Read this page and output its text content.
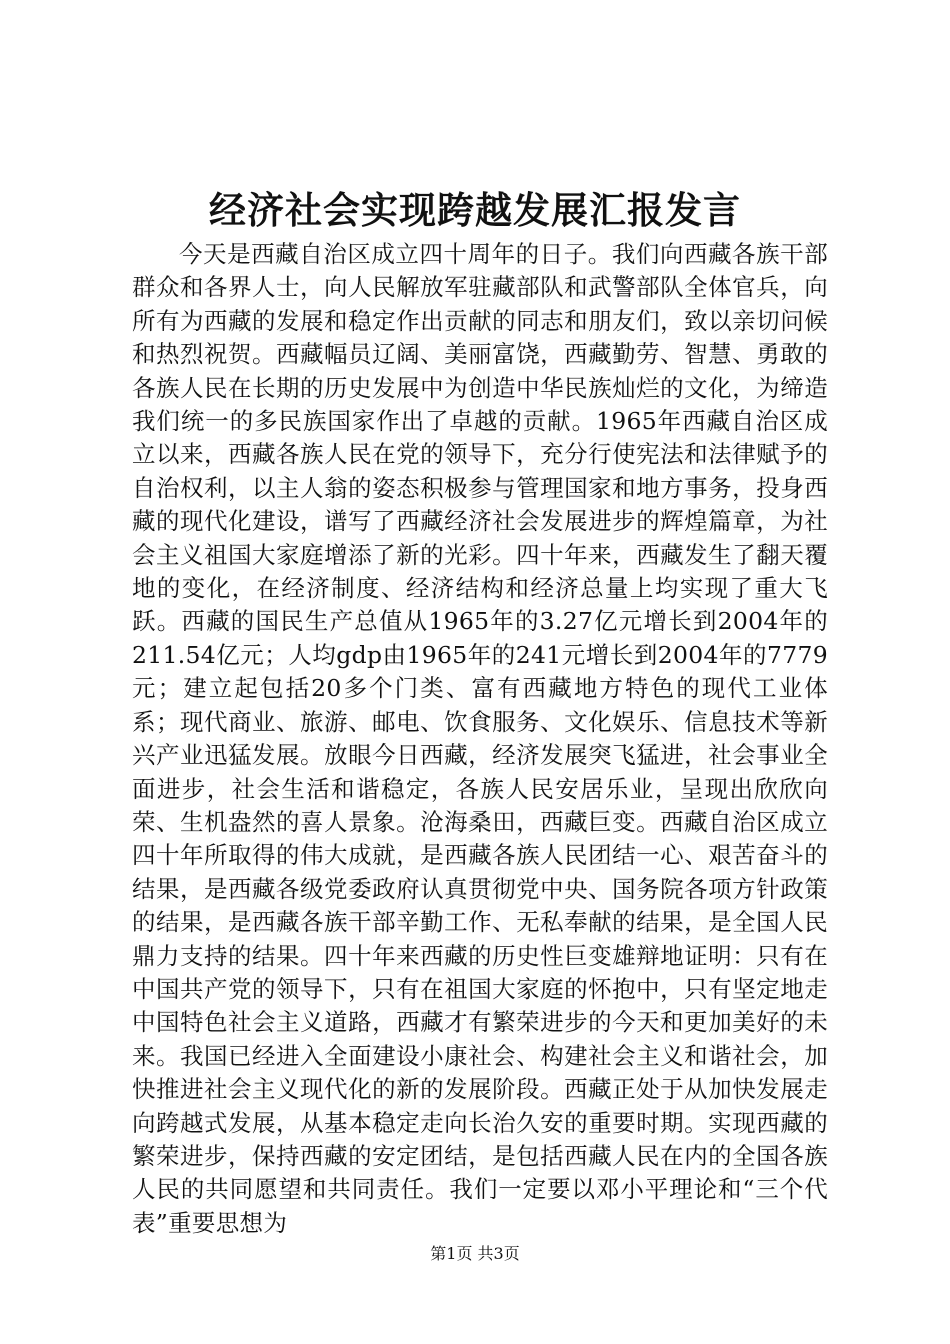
经济社会实现跨越发展汇报发言

今天是西藏自治区成立四十周年的日子。我们向西藏各族干部群众和各界人士，向人民解放军驻藏部队和武警部队全体官兵，向所有为西藏的发展和稳定作出贡献的同志和朋友们，致以亲切问候和热烈祝贺。西藏幅员辽阔、美丽富饶，西藏勤劳、智慧、勇敢的各族人民在长期的历史发展中为创造中华民族灿烂的文化，为缔造我们统一的多民族国家作出了卓越的贡献。1965年西藏自治区成立以来，西藏各族人民在党的领导下，充分行使宪法和法律赋予的自治权利，以主人翁的姿态积极参与管理国家和地方事务，投身西藏的现代化建设，谱写了西藏经济社会发展进步的辉煌篇章，为社会主义祖国大家庭增添了新的光彩。四十年来，西藏发生了翻天覆地的变化，在经济制度、经济结构和经济总量上均实现了重大飞跃。西藏的国民生产总值从1965年的3.27亿元增长到2004年的211.54亿元；人均gdp由1965年的241元增长到2004年的7779元；建立起包括20多个门类、富有西藏地方特色的现代工业体系；现代商业、旅游、邮电、饮食服务、文化娱乐、信息技术等新兴产业迅猛发展。放眼今日西藏，经济发展突飞猛进，社会事业全面进步，社会生活和谐稳定，各族人民安居乐业，呈现出欣欣向荣、生机盎然的喜人景象。沧海桑田，西藏巨变。西藏自治区成立四十年所取得的伟大成就，是西藏各族人民团结一心、艰苦奋斗的结果，是西藏各级党委政府认真贯彻党中央、国务院各项方针政策的结果，是西藏各族干部辛勤工作、无私奉献的结果，是全国人民鼎力支持的结果。四十年来西藏的历史性巨变雄辩地证明：只有在中国共产党的领导下，只有在祖国大家庭的怀抱中，只有坚定地走中国特色社会主义道路，西藏才有繁荣进步的今天和更加美好的未来。我国已经进入全面建设小康社会、构建社会主义和谐社会，加快推进社会主义现代化的新的发展阶段。西藏正处于从加快发展走向跨越式发展，从基本稳定走向长治久安的重要时期。实现西藏的繁荣进步，保持西藏的安定团结，是包括西藏人民在内的全国各族人民的共同愿望和共同责任。我们一定要以邓小平理论和“三个代表”重要思想为

第1页 共3页
